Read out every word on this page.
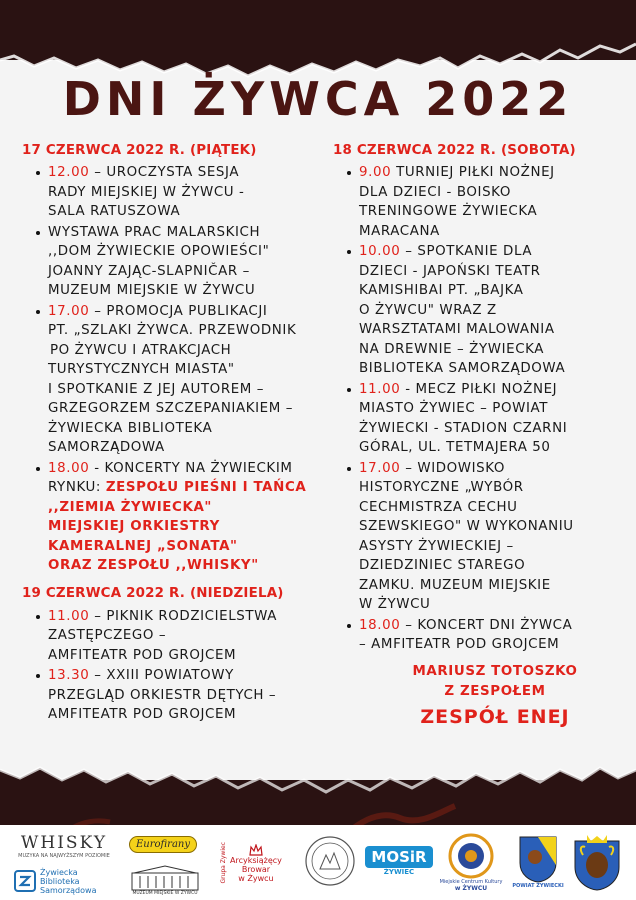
DNI ŻYWCA 2022
17 CZERWCA 2022 R. (PIĄTEK)
12.00 – UROCZYSTA SESJA
RADY MIEJSKIEJ W ŻYWCU -
SALA RATUSZOWA
WYSTAWA PRAC MALARSKICH
,,DOM ŻYWIECKIE OPOWIEŚCI"
JOANNY ZAJĄC-SLAPNIČAR –
MUZEUM MIEJSKIE W ŻYWCU
17.00 – PROMOCJA PUBLIKACJI
PT. „SZLAKI ŻYWCA. PRZEWODNIK
PO ŻYWCU I ATRAKCJACH
TURYSTYCZNYCH MIASTA"
I SPOTKANIE Z JEJ AUTOREM –
GRZEGORZEM SZCZEPANIAKIEM –
ŻYWIECKA BIBLIOTEKA
SAMORZĄDOWA
18.00 - KONCERTY NA ŻYWIECKIM
RYNKU: ZESPOŁU PIEŚNI I TAŃCA
,,ZIEMIA ŻYWIECKA"
MIEJSKIEJ ORKIESTRY
KAMERALNEJ „SONATA"
ORAZ ZESPOŁU ,,WHISKY"
19 CZERWCA 2022 R. (NIEDZIELA)
11.00 – PIKNIK RODZICIELSTWA
ZASTĘPCZEGO –
AMFITEATR POD GROJCEM
13.30 – XXIII POWIATOWY
PRZEGLĄD ORKIESTR DĘTYCH –
AMFITEATR POD GROJCEM
18 CZERWCA 2022 R. (SOBOTA)
9.00 TURNIEJ PIŁKI NOŻNEJ
DLA DZIECI - BOISKO
TRENINGOWE ŻYWIECKA
MARACANA
10.00 – SPOTKANIE DLA
DZIECI - JAPOŃSKI TEATR
KAMISHIBAI PT. „BAJKA
O ŻYWCU" WRAZ Z
WARSZTATAMI MALOWANIA
NA DREWNIE – ŻYWIECKA
BIBLIOTEKA SAMORZĄDOWA
11.00 - MECZ PIŁKI NOŻNEJ
MIASTO ŻYWIEC – POWIAT
ŻYWIECKI - STADION CZARNI
GÓRAL, UL. TETMAJERA 50
17.00 – WIDOWISKO
HISTORYCZNE „WYBÓR
CECHMISTRZA CECHU
SZEWSKIEGO" W WYKONANIU
ASYSTY ŻYWIECKIEJ –
DZIEDZINIEC STAREGO
ZAMKU. MUZEUM MIEJSKIE
W ŻYWCU
18.00 – KONCERT DNI ŻYWCA
– AMFITEATR POD GROJCEM
MARIUSZ TOTOSZKO
Z ZESPOŁEM
ZESPÓŁ ENEJ
WHISKY
MUZYKA NA NAJWYŻSZYM POZIOMIE
Żywiecka
Biblioteka
Samorządowa
Eurofirany
MUZEUM MIEJSKIE W ŻYWCU
Grupa Żywiec Arcyksiążęcy
Browar
w Żywcu
MOSiR
ŻYWIEC
Miejskie Centrum Kultury
w ŻYWCU	POWIAT ŻYWIECKI
